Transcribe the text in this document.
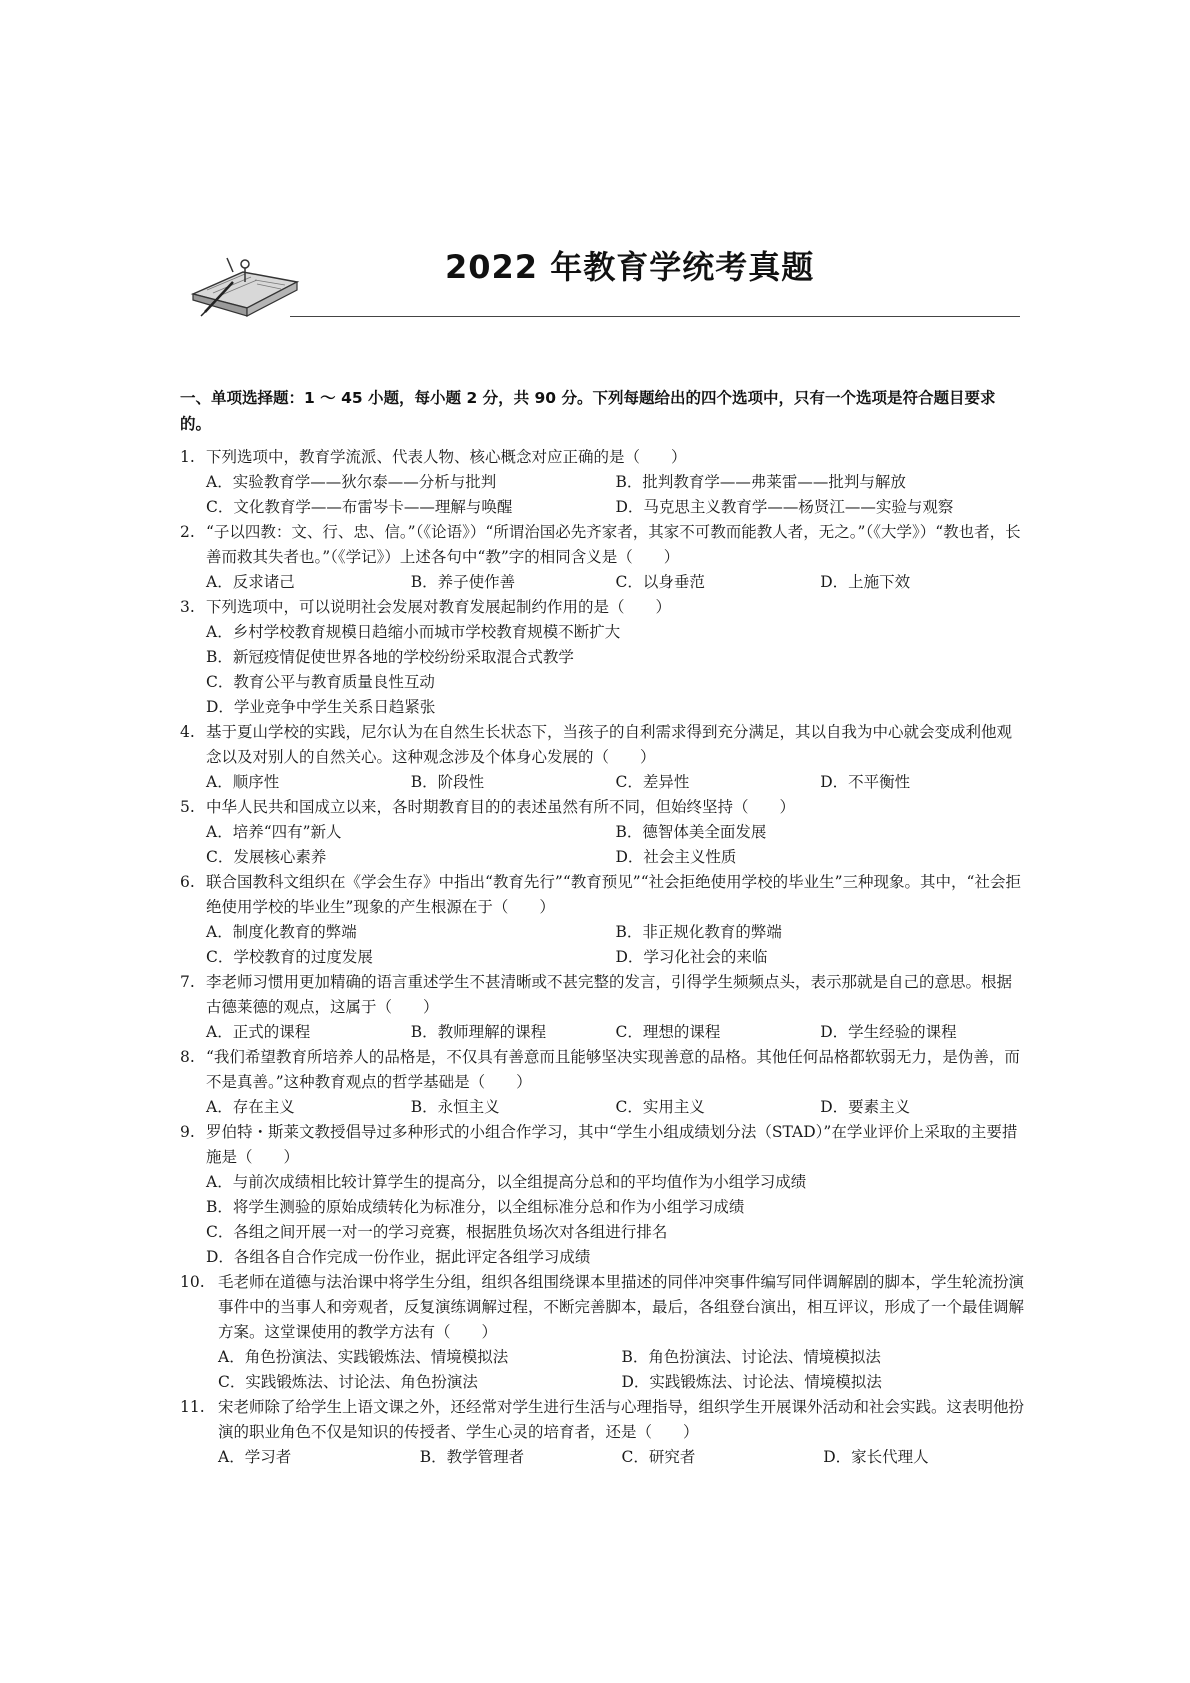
2022 年教育学统考真题
一、单项选择题：1 ～ 45 小题，每小题 2 分，共 90 分。下列每题给出的四个选项中，只有一个选项是符合题目要求的。
1. 下列选项中，教育学流派、代表人物、核心概念对应正确的是（　　）
A．实验教育学——狄尔泰——分析与批判	B．批判教育学——弗莱雷——批判与解放
C．文化教育学——布雷岑卡——理解与唤醒	D．马克思主义教育学——杨贤江——实验与观察
2. “子以四教：文、行、忠、信。”（《论语》）“所谓治国必先齐家者，其家不可教而能教人者，无之。”（《大学》）“教也者，长善而救其失者也。”（《学记》）上述各句中“教”字的相同含义是（　　）
A．反求诸己	B．养子使作善	C．以身垂范	D．上施下效
3. 下列选项中，可以说明社会发展对教育发展起制约作用的是（　　）
A．乡村学校教育规模日趋缩小而城市学校教育规模不断扩大
B．新冠疫情促使世界各地的学校纷纷采取混合式教学
C．教育公平与教育质量良性互动
D．学业竞争中学生关系日趋紧张
4. 基于夏山学校的实践，尼尔认为在自然生长状态下，当孩子的自利需求得到充分满足，其以自我为中心就会变成利他观念以及对别人的自然关心。这种观念涉及个体身心发展的（　　）
A．顺序性	B．阶段性	C．差异性	D．不平衡性
5. 中华人民共和国成立以来，各时期教育目的的表述虽然有所不同，但始终坚持（　　）
A．培养“四有”新人	B．德智体美全面发展
C．发展核心素养	D．社会主义性质
6. 联合国教科文组织在《学会生存》中指出“教育先行”“教育预见”“社会拒绝使用学校的毕业生”三种现象。其中，“社会拒绝使用学校的毕业生”现象的产生根源在于（　　）
A．制度化教育的弊端	B．非正规化教育的弊端
C．学校教育的过度发展	D．学习化社会的来临
7. 李老师习惯用更加精确的语言重述学生不甚清晰或不甚完整的发言，引得学生频频点头，表示那就是自己的意思。根据古德莱德的观点，这属于（　　）
A．正式的课程	B．教师理解的课程	C．理想的课程	D．学生经验的课程
8. “我们希望教育所培养人的品格是，不仅具有善意而且能够坚决实现善意的品格。其他任何品格都软弱无力，是伪善，而不是真善。”这种教育观点的哲学基础是（　　）
A．存在主义	B．永恒主义	C．实用主义	D．要素主义
9. 罗伯特・斯莱文教授倡导过多种形式的小组合作学习，其中“学生小组成绩划分法（STAD）”在学业评价上采取的主要措施是（　　）
A．与前次成绩相比较计算学生的提高分，以全组提高分总和的平均值作为小组学习成绩
B．将学生测验的原始成绩转化为标准分，以全组标准分总和作为小组学习成绩
C．各组之间开展一对一的学习竞赛，根据胜负场次对各组进行排名
D．各组各自合作完成一份作业，据此评定各组学习成绩
10. 毛老师在道德与法治课中将学生分组，组织各组围绕课本里描述的同伴冲突事件编写同伴调解剧的脚本，学生轮流扮演事件中的当事人和旁观者，反复演练调解过程，不断完善脚本，最后，各组登台演出，相互评议，形成了一个最佳调解方案。这堂课使用的教学方法有（　　）
A．角色扮演法、实践锻炼法、情境模拟法	B．角色扮演法、讨论法、情境模拟法
C．实践锻炼法、讨论法、角色扮演法	D．实践锻炼法、讨论法、情境模拟法
11. 宋老师除了给学生上语文课之外，还经常对学生进行生活与心理指导，组织学生开展课外活动和社会实践。这表明他扮演的职业角色不仅是知识的传授者、学生心灵的培育者，还是（　　）
A．学习者	B．教学管理者	C．研究者	D．家长代理人
